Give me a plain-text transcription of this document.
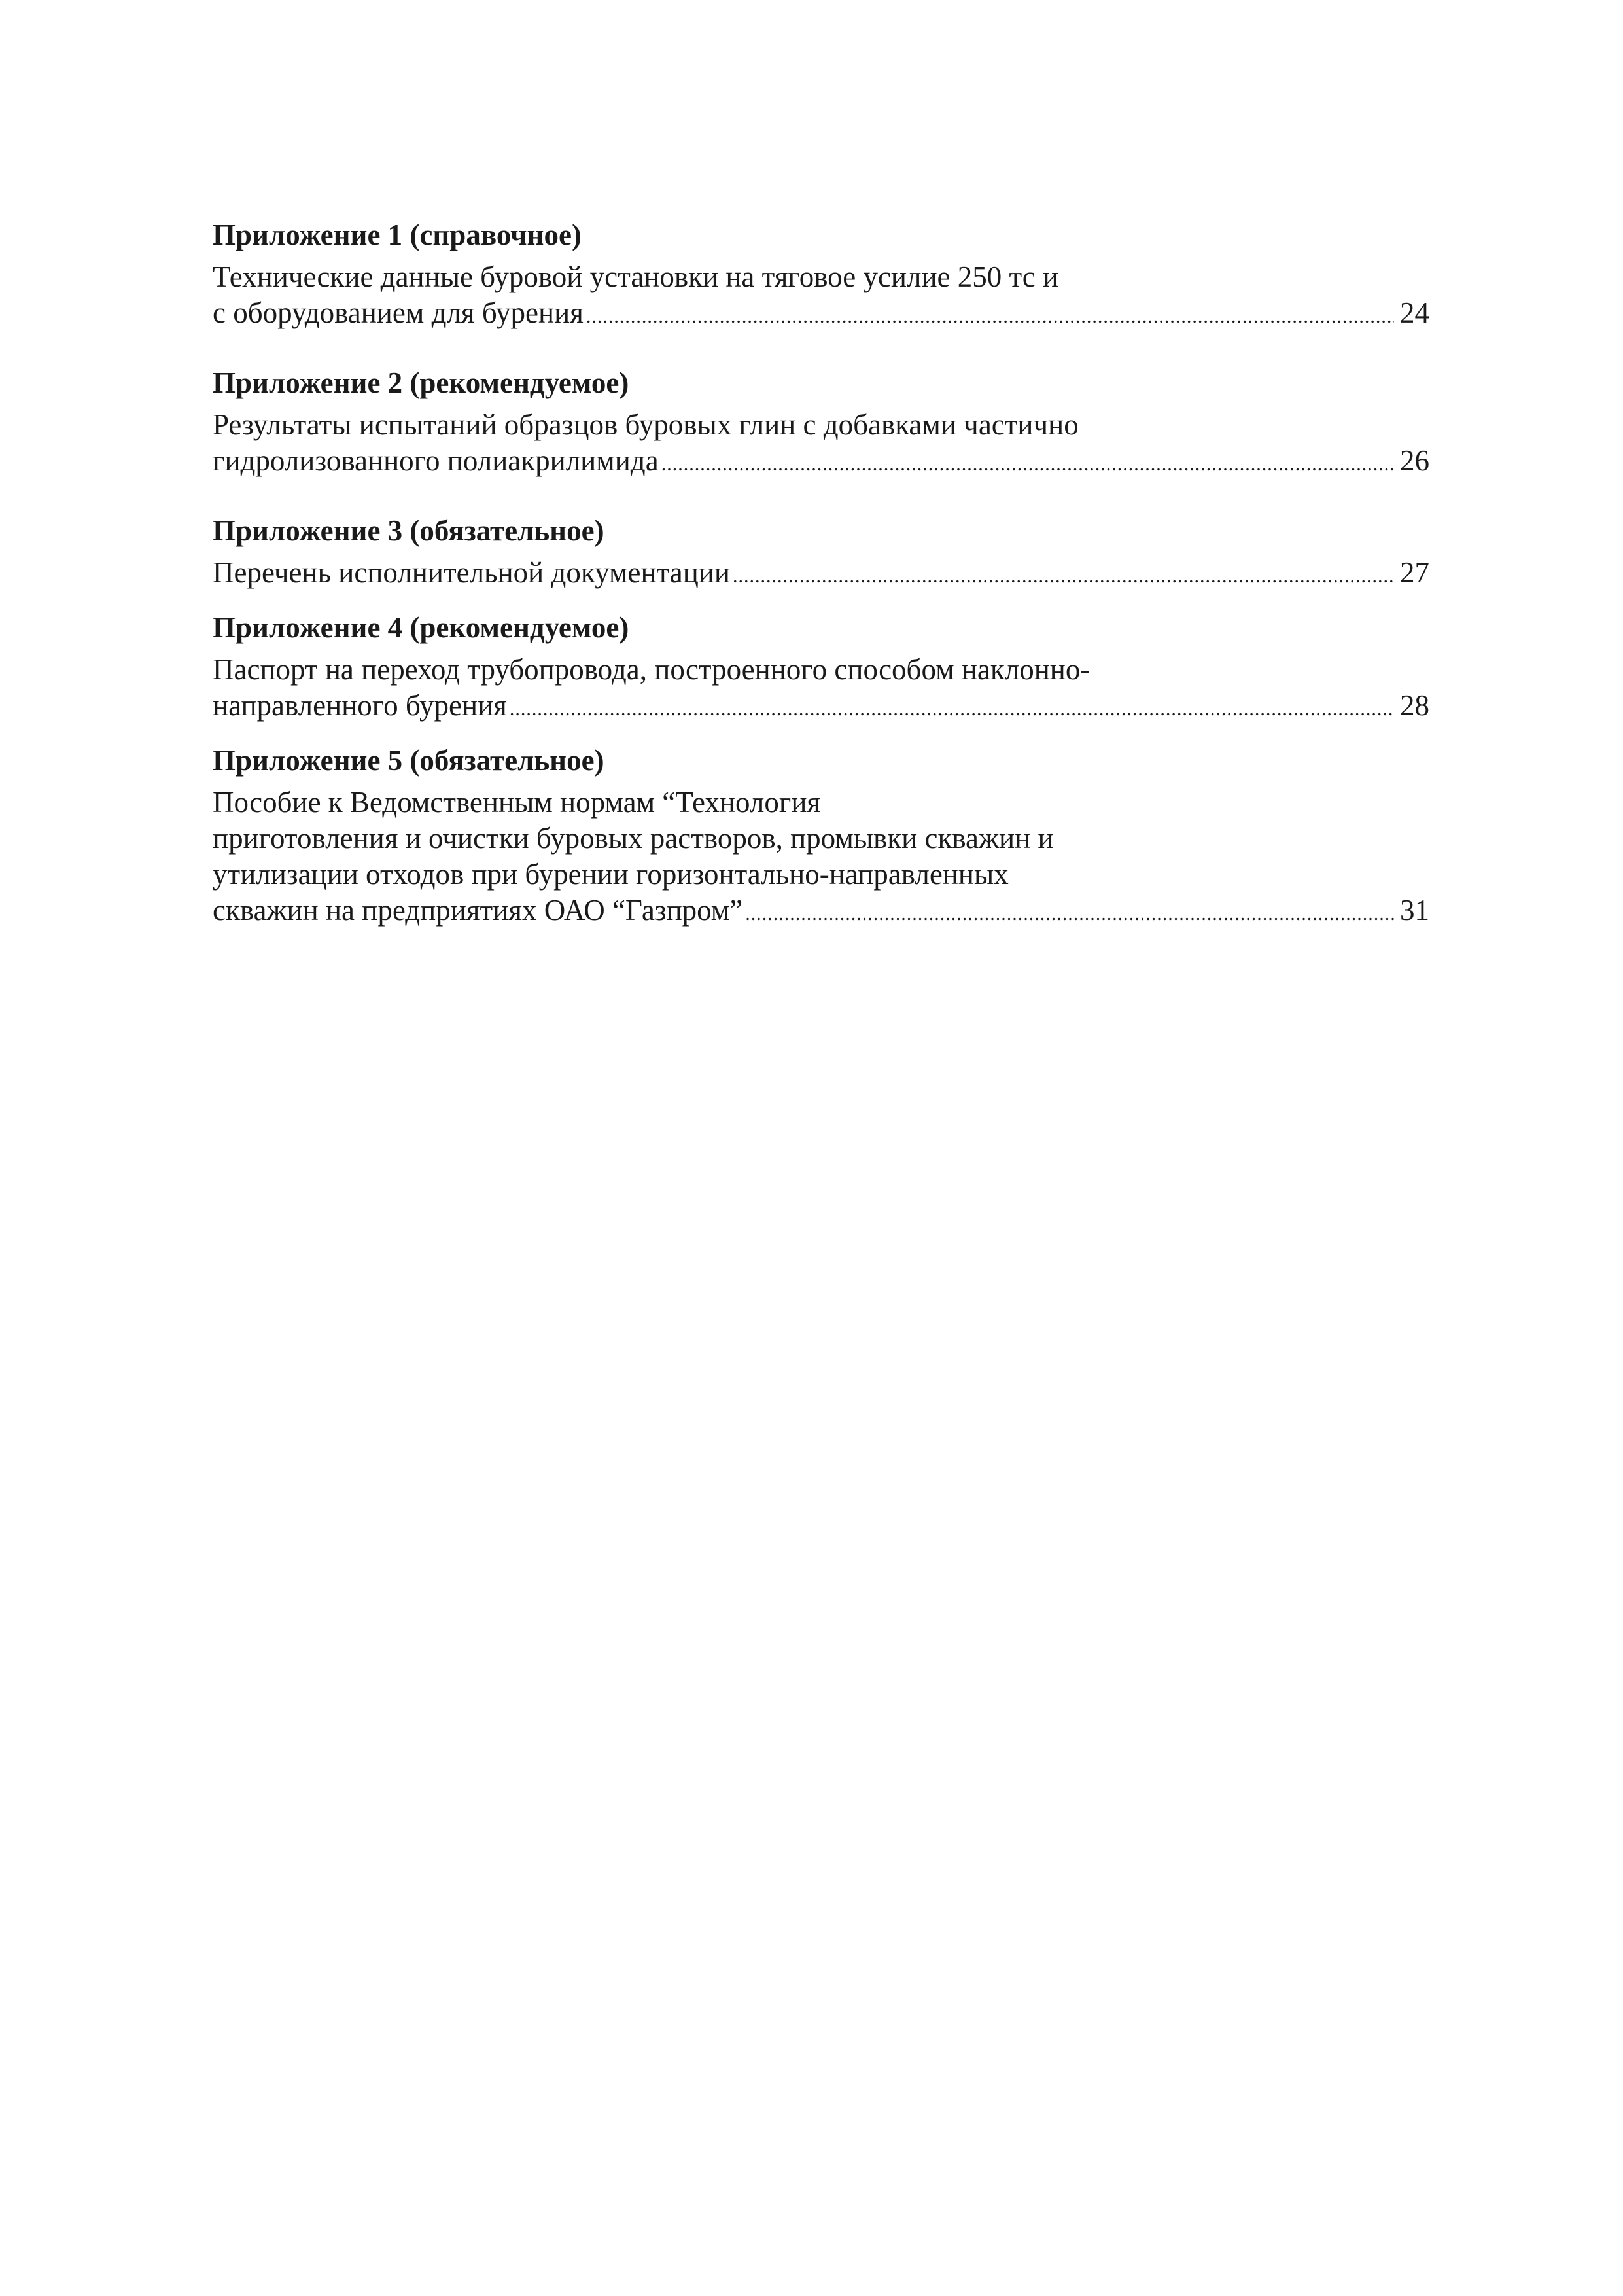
Приложение 1 (справочное)

Технические данные буровой установки на тяговое усилие 250 тс и
с оборудованием для бурения .....	24

Приложение 2 (рекомендуемое)

Результаты испытаний образцов буровых глин с добавками частично
гидролизованного полиакрилимида .....	26

Приложение 3 (обязательное)

Перечень исполнительной документации .....	27

Приложение 4 (рекомендуемое)

Паспорт на переход трубопровода, построенного способом наклонно-
направленного бурения .....	28

Приложение 5 (обязательное)

Пособие к Ведомственным нормам “Технология
приготовления и очистки буровых растворов, промывки скважин и
утилизации отходов при бурении горизонтально-направленных
скважин на предприятиях ОАО “Газпром” .....	31
